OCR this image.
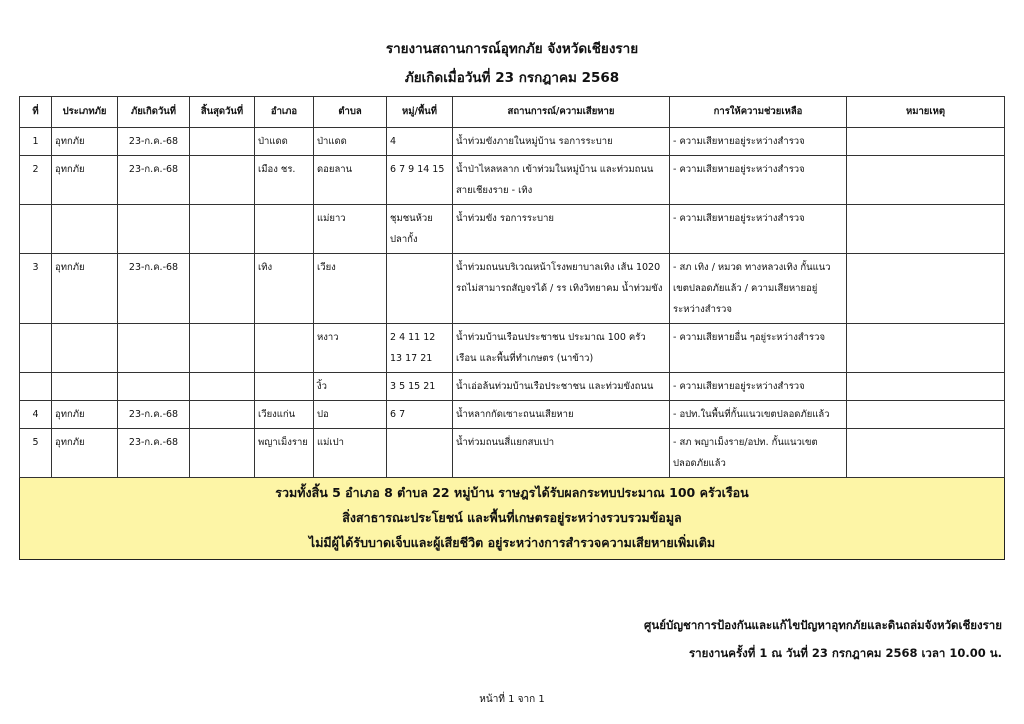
รายงานสถานการณ์อุทกภัย จังหวัดเชียงราย
ภัยเกิดเมื่อวันที่ 23 กรกฎาคม 2568
ที่	ประเภทภัย	ภัยเกิดวันที่	สิ้นสุดวันที่	อำเภอ	ตำบล	หมู่/พื้นที่	สถานการณ์/ความเสียหาย	การให้ความช่วยเหลือ	หมายเหตุ
1	อุทกภัย	23-ก.ค.-68		ป่าแดด	ป่าแดด	4	น้ำท่วมขังภายในหมู่บ้าน รอการระบาย	- ความเสียหายอยู่ระหว่างสำรวจ	
2	อุทกภัย	23-ก.ค.-68		เมือง ชร.	ดอยลาน	6 7 9 14 15	น้ำป่าไหลหลาก เข้าท่วมในหมู่บ้าน และท่วมถนนสายเชียงราย - เทิง	- ความเสียหายอยู่ระหว่างสำรวจ	
					แม่ยาว	ชุมชนห้วยปลากั้ง	น้ำท่วมขัง รอการระบาย	- ความเสียหายอยู่ระหว่างสำรวจ	
3	อุทกภัย	23-ก.ค.-68		เทิง	เวียง		น้ำท่วมถนนบริเวณหน้าโรงพยาบาลเทิง เส้น 1020 รถไม่สามารถสัญจรได้ / รร เทิงวิทยาคม น้ำท่วมขัง	- สภ เทิง / หมวด ทางหลวงเทิง กั้นแนวเขตปลอดภัยแล้ว / ความเสียหายอยู่ระหว่างสำรวจ	
					หงาว	2 4 11 12 13 17 21	น้ำท่วมบ้านเรือนประชาชน ประมาณ 100 ครัวเรือน และพื้นที่ทำเกษตร (นาข้าว)	- ความเสียหายอื่น ๆอยู่ระหว่างสำรวจ	
					งิ้ว	3 5 15 21	น้ำเอ่อล้นท่วมบ้านเรือประชาชน และท่วมขังถนน	- ความเสียหายอยู่ระหว่างสำรวจ	
4	อุทกภัย	23-ก.ค.-68		เวียงแก่น	ปอ	6 7	น้ำหลากกัดเซาะถนนเสียหาย	- อปท.ในพื้นที่กั้นแนวเขตปลอดภัยแล้ว	
5	อุทกภัย	23-ก.ค.-68		พญาเม็งราย	แม่เปา		น้ำท่วมถนนสี่แยกสบเปา	- สภ พญาเม็งราย/อปท. กั้นแนวเขตปลอดภัยแล้ว	

รวมทั้งสิ้น 5 อำเภอ 8 ตำบล 22 หมู่บ้าน ราษฎรได้รับผลกระทบประมาณ 100 ครัวเรือน
สิ่งสาธารณะประโยชน์ และพื้นที่เกษตรอยู่ระหว่างรวบรวมข้อมูล
ไม่มีผู้ได้รับบาดเจ็บและผู้เสียชีวิต อยู่ระหว่างการสำรวจความเสียหายเพิ่มเติม									
ศูนย์บัญชาการป้องกันและแก้ไขปัญหาอุทกภัยและดินถล่มจังหวัดเชียงราย
รายงานครั้งที่ 1 ณ วันที่ 23 กรกฎาคม 2568 เวลา 10.00 น.
หน้าที่ 1 จาก 1
